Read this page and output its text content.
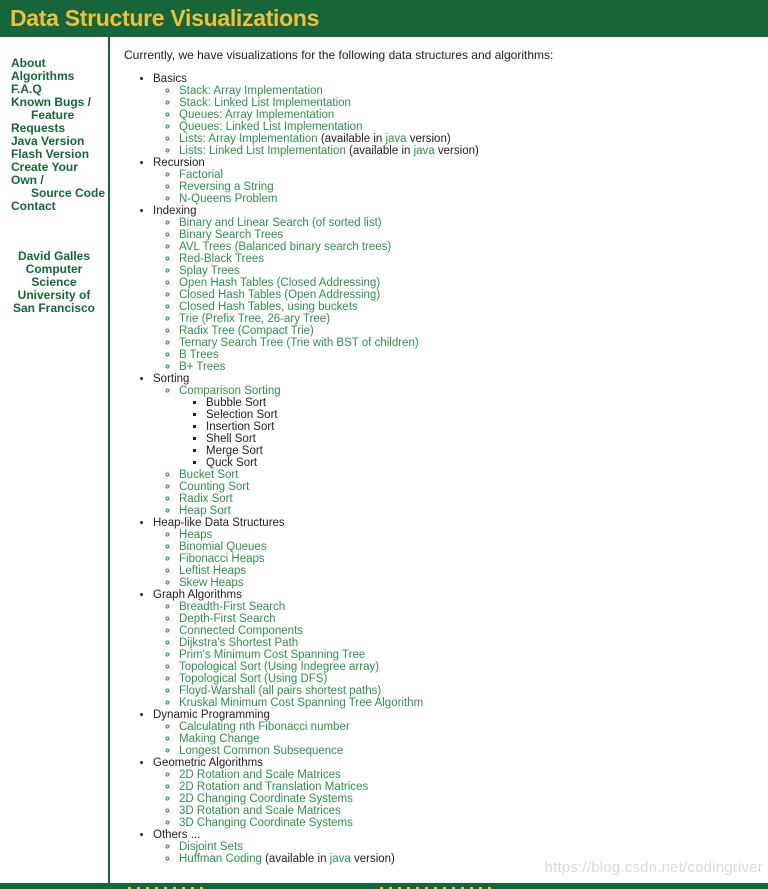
Data Structure Visualizations
About
Algorithms
F.A.Q
Known Bugs /
Feature
Requests
Java Version
Flash Version
Create Your
Own /
Source Code
Contact
David Galles
Computer
Science
University of
San Francisco

Currently, we have visualizations for the following data structures and algorithms:

• Basics
◦ Stack: Array Implementation
◦ Stack: Linked List Implementation
◦ Queues: Array Implementation
◦ Queues: Linked List Implementation
◦ Lists: Array Implementation (available in java version)
◦ Lists: Linked List Implementation (available in java version)
• Recursion
◦ Factorial
◦ Reversing a String
◦ N-Queens Problem
• Indexing
◦ Binary and Linear Search (of sorted list)
◦ Binary Search Trees
◦ AVL Trees (Balanced binary search trees)
◦ Red-Black Trees
◦ Splay Trees
◦ Open Hash Tables (Closed Addressing)
◦ Closed Hash Tables (Open Addressing)
◦ Closed Hash Tables, using buckets
◦ Trie (Prefix Tree, 26-ary Tree)
◦ Radix Tree (Compact Trie)
◦ Ternary Search Tree (Trie with BST of children)
◦ B Trees
◦ B+ Trees
• Sorting
◦ Comparison Sorting
▪ Bubble Sort
▪ Selection Sort
▪ Insertion Sort
▪ Shell Sort
▪ Merge Sort
▪ Quck Sort
◦ Bucket Sort
◦ Counting Sort
◦ Radix Sort
◦ Heap Sort
• Heap-like Data Structures
◦ Heaps
◦ Binomial Queues
◦ Fibonacci Heaps
◦ Leftist Heaps
◦ Skew Heaps
• Graph Algorithms
◦ Breadth-First Search
◦ Depth-First Search
◦ Connected Components
◦ Dijkstra's Shortest Path
◦ Prim's Minimum Cost Spanning Tree
◦ Topological Sort (Using Indegree array)
◦ Topological Sort (Using DFS)
◦ Floyd-Warshall (all pairs shortest paths)
◦ Kruskal Minimum Cost Spanning Tree Algorithm
• Dynamic Programming
◦ Calculating nth Fibonacci number
◦ Making Change
◦ Longest Common Subsequence
• Geometric Algorithms
◦ 2D Rotation and Scale Matrices
◦ 2D Rotation and Translation Matrices
◦ 2D Changing Coordinate Systems
◦ 3D Rotation and Scale Matrices
◦ 3D Changing Coordinate Systems
• Others ...
◦ Disjoint Sets
◦ Huffman Coding (available in java version)	https://blog.csdn.net/codingriver
